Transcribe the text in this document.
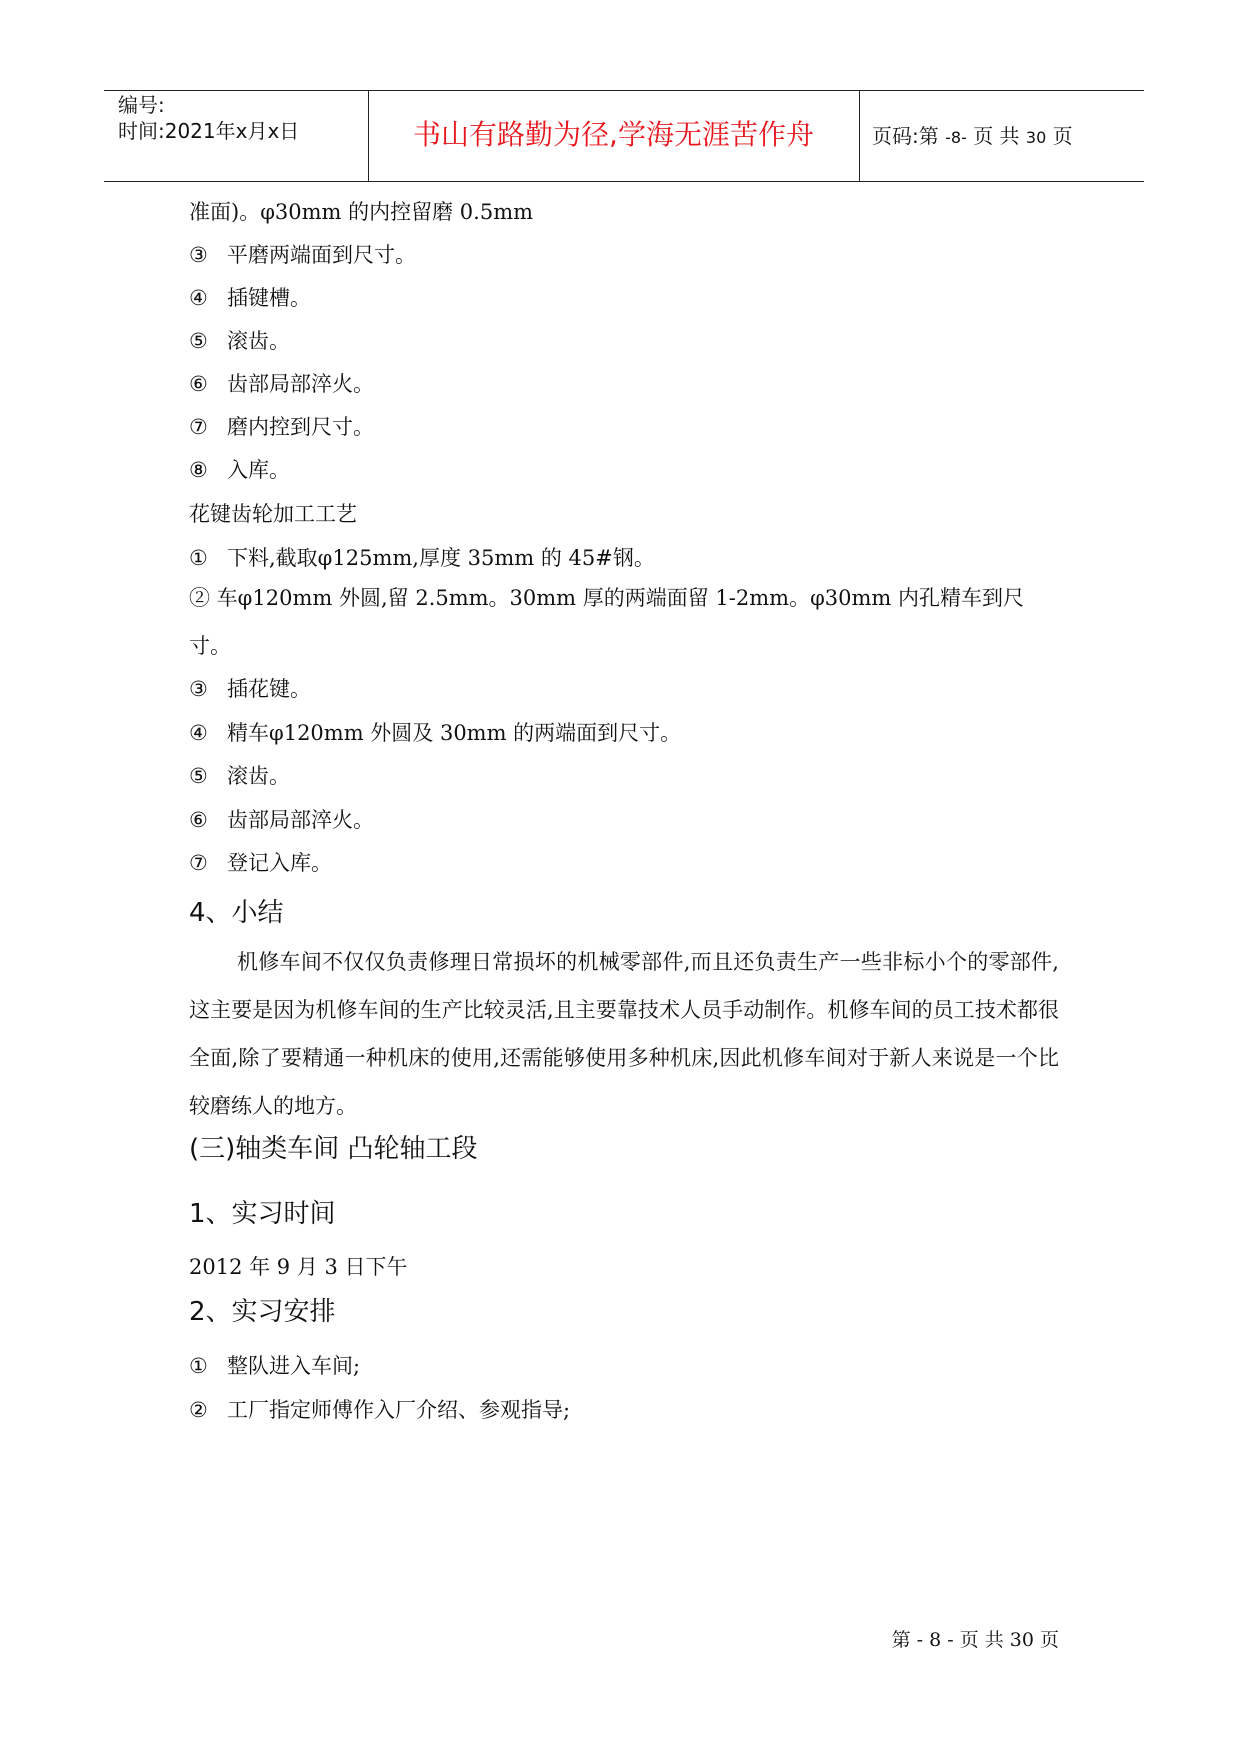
编号:
时间:2021年x月x日	书山有路勤为径,学海无涯苦作舟	页码:第 -8- 页 共 30 页
准面)。φ30mm 的内控留磨 0.5mm
③ 平磨两端面到尺寸。
④ 插键槽。
⑤ 滚齿。
⑥ 齿部局部淬火。
⑦ 磨内控到尺寸。
⑧ 入库。
花键齿轮加工工艺
① 下料,截取φ125mm,厚度 35mm 的 45#钢。
② 车φ120mm 外圆,留 2.5mm。30mm 厚的两端面留 1-2mm。φ30mm 内孔精车到尺寸。
③ 插花键。
④ 精车φ120mm 外圆及 30mm 的两端面到尺寸。
⑤ 滚齿。
⑥ 齿部局部淬火。
⑦ 登记入库。
4、小结
机修车间不仅仅负责修理日常损坏的机械零部件,而且还负责生产一些非标小个的零部件,这主要是因为机修车间的生产比较灵活,且主要靠技术人员手动制作。机修车间的员工技术都很全面,除了要精通一种机床的使用,还需能够使用多种机床,因此机修车间对于新人来说是一个比较磨练人的地方。
(三)轴类车间 凸轮轴工段
1、实习时间
2012 年 9 月 3 日下午
2、实习安排
① 整队进入车间;
② 工厂指定师傅作入厂介绍、参观指导;
第 - 8 - 页 共 30 页
